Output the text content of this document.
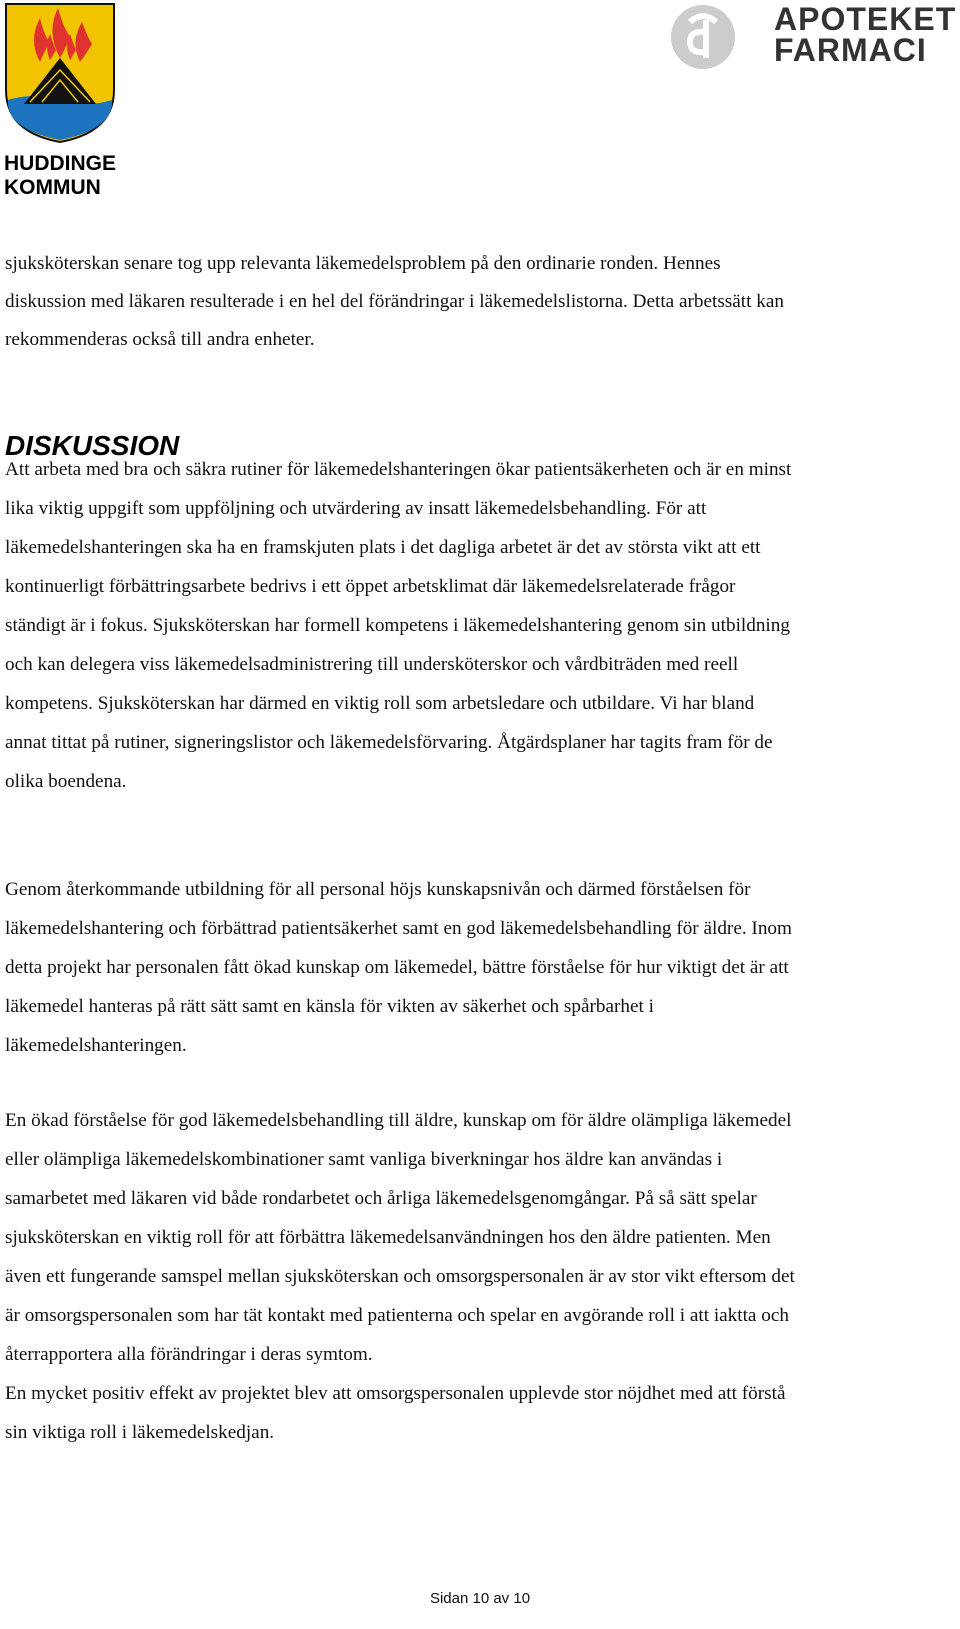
HUDDINGE
KOMMUN
APOTEKET
FARMACI

sjuksköterskan senare tog upp relevanta läkemedelsproblem på den ordinarie ronden. Hennes
diskussion med läkaren resulterade i en hel del förändringar i läkemedelslistorna. Detta arbetssätt kan
rekommenderas också till andra enheter.

DISKUSSION

Att arbeta med bra och säkra rutiner för läkemedelshanteringen ökar patientsäkerheten och är en minst
lika viktig uppgift som uppföljning och utvärdering av insatt läkemedelsbehandling. För att
läkemedelshanteringen ska ha en framskjuten plats i det dagliga arbetet är det av största vikt att ett
kontinuerligt förbättringsarbete bedrivs i ett öppet arbetsklimat där läkemedelsrelaterade frågor
ständigt är i fokus. Sjuksköterskan har formell kompetens i läkemedelshantering genom sin utbildning
och kan delegera viss läkemedelsadministrering till undersköterskor och vårdbiträden med reell
kompetens. Sjuksköterskan har därmed en viktig roll som arbetsledare och utbildare. Vi har bland
annat tittat på rutiner, signeringslistor och läkemedelsförvaring. Åtgärdsplaner har tagits fram för de
olika boendena.

Genom återkommande utbildning för all personal höjs kunskapsnivån och därmed förståelsen för
läkemedelshantering och förbättrad patientsäkerhet samt en god läkemedelsbehandling för äldre. Inom
detta projekt har personalen fått ökad kunskap om läkemedel, bättre förståelse för hur viktigt det är att
läkemedel hanteras på rätt sätt samt en känsla för vikten av säkerhet och spårbarhet i
läkemedelshanteringen.

En ökad förståelse för god läkemedelsbehandling till äldre, kunskap om för äldre olämpliga läkemedel
eller olämpliga läkemedelskombinationer samt vanliga biverkningar hos äldre kan användas i
samarbetet med läkaren vid både rondarbetet och årliga läkemedelsgenomgångar. På så sätt spelar
sjuksköterskan en viktig roll för att förbättra läkemedelsanvändningen hos den äldre patienten. Men
även ett fungerande samspel mellan sjuksköterskan och omsorgspersonalen är av stor vikt eftersom det
är omsorgspersonalen som har tät kontakt med patienterna och spelar en avgörande roll i att iaktta och
återrapportera alla förändringar i deras symtom.
En mycket positiv effekt av projektet blev att omsorgspersonalen upplevde stor nöjdhet med att förstå
sin viktiga roll i läkemedelskedjan.

Sidan 10 av 10
